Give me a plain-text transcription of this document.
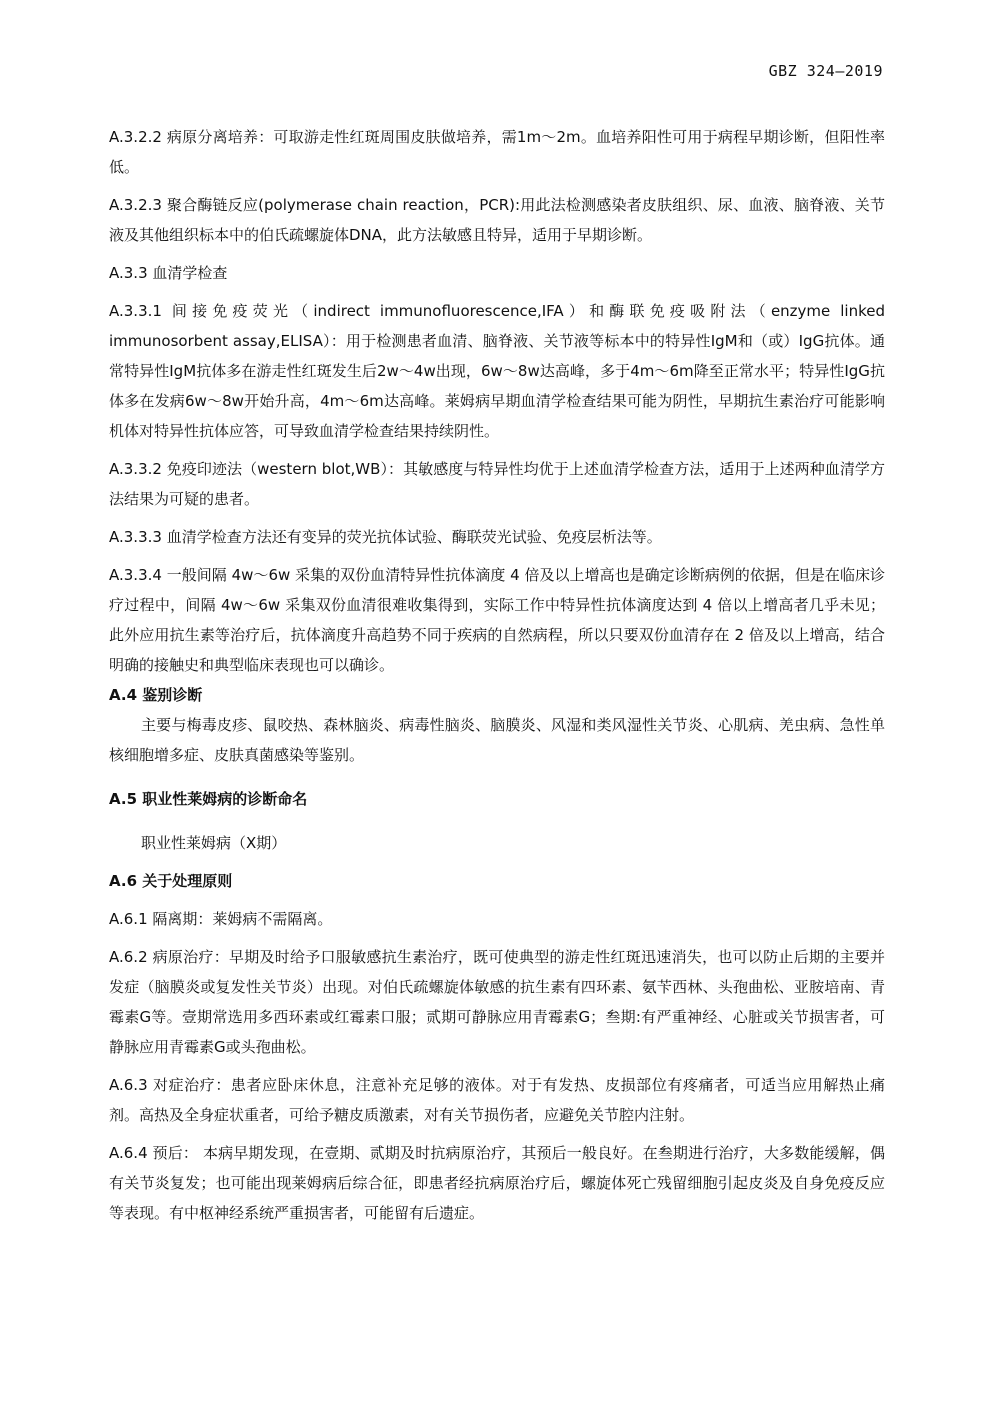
GBZ 324—2019

A.3.2.2 病原分离培养：可取游走性红斑周围皮肤做培养，需1m～2m。血培养阳性可用于病程早期诊断，但阳性率低。

A.3.2.3 聚合酶链反应(polymerase chain reaction，PCR):用此法检测感染者皮肤组织、尿、血液、脑脊液、关节液及其他组织标本中的伯氏疏螺旋体DNA，此方法敏感且特异，适用于早期诊断。

A.3.3 血清学检查

A.3.3.1 间接免疫荧光（indirect immunofluorescence,IFA）和酶联免疫吸附法（enzyme linked immunosorbent assay,ELISA）：用于检测患者血清、脑脊液、关节液等标本中的特异性IgM和（或）IgG抗体。通常特异性IgM抗体多在游走性红斑发生后2w～4w出现，6w～8w达高峰，多于4m～6m降至正常水平；特异性IgG抗体多在发病6w～8w开始升高，4m～6m达高峰。莱姆病早期血清学检查结果可能为阴性，早期抗生素治疗可能影响机体对特异性抗体应答，可导致血清学检查结果持续阴性。

A.3.3.2 免疫印迹法（western blot,WB）：其敏感度与特异性均优于上述血清学检查方法，适用于上述两种血清学方法结果为可疑的患者。

A.3.3.3 血清学检查方法还有变异的荧光抗体试验、酶联荧光试验、免疫层析法等。

A.3.3.4 一般间隔 4w～6w 采集的双份血清特异性抗体滴度 4 倍及以上增高也是确定诊断病例的依据，但是在临床诊疗过程中，间隔 4w～6w 采集双份血清很难收集得到，实际工作中特异性抗体滴度达到 4 倍以上增高者几乎未见；此外应用抗生素等治疗后，抗体滴度升高趋势不同于疾病的自然病程，所以只要双份血清存在 2 倍及以上增高，结合明确的接触史和典型临床表现也可以确诊。

A.4 鉴别诊断

主要与梅毒皮疹、鼠咬热、森林脑炎、病毒性脑炎、脑膜炎、风湿和类风湿性关节炎、心肌病、羌虫病、急性单核细胞增多症、皮肤真菌感染等鉴别。

A.5 职业性莱姆病的诊断命名

职业性莱姆病（X期）

A.6 关于处理原则

A.6.1 隔离期：莱姆病不需隔离。

A.6.2 病原治疗：早期及时给予口服敏感抗生素治疗，既可使典型的游走性红斑迅速消失，也可以防止后期的主要并发症（脑膜炎或复发性关节炎）出现。对伯氏疏螺旋体敏感的抗生素有四环素、氨苄西林、头孢曲松、亚胺培南、青霉素G等。壹期常选用多西环素或红霉素口服；贰期可静脉应用青霉素G；叁期:有严重神经、心脏或关节损害者，可静脉应用青霉素G或头孢曲松。

A.6.3 对症治疗：患者应卧床休息，注意补充足够的液体。对于有发热、皮损部位有疼痛者，可适当应用解热止痛剂。高热及全身症状重者，可给予糖皮质激素，对有关节损伤者，应避免关节腔内注射。

A.6.4 预后： 本病早期发现，在壹期、贰期及时抗病原治疗，其预后一般良好。在叁期进行治疗，大多数能缓解，偶有关节炎复发；也可能出现莱姆病后综合征，即患者经抗病原治疗后，螺旋体死亡残留细胞引起皮炎及自身免疫反应等表现。有中枢神经系统严重损害者，可能留有后遗症。
